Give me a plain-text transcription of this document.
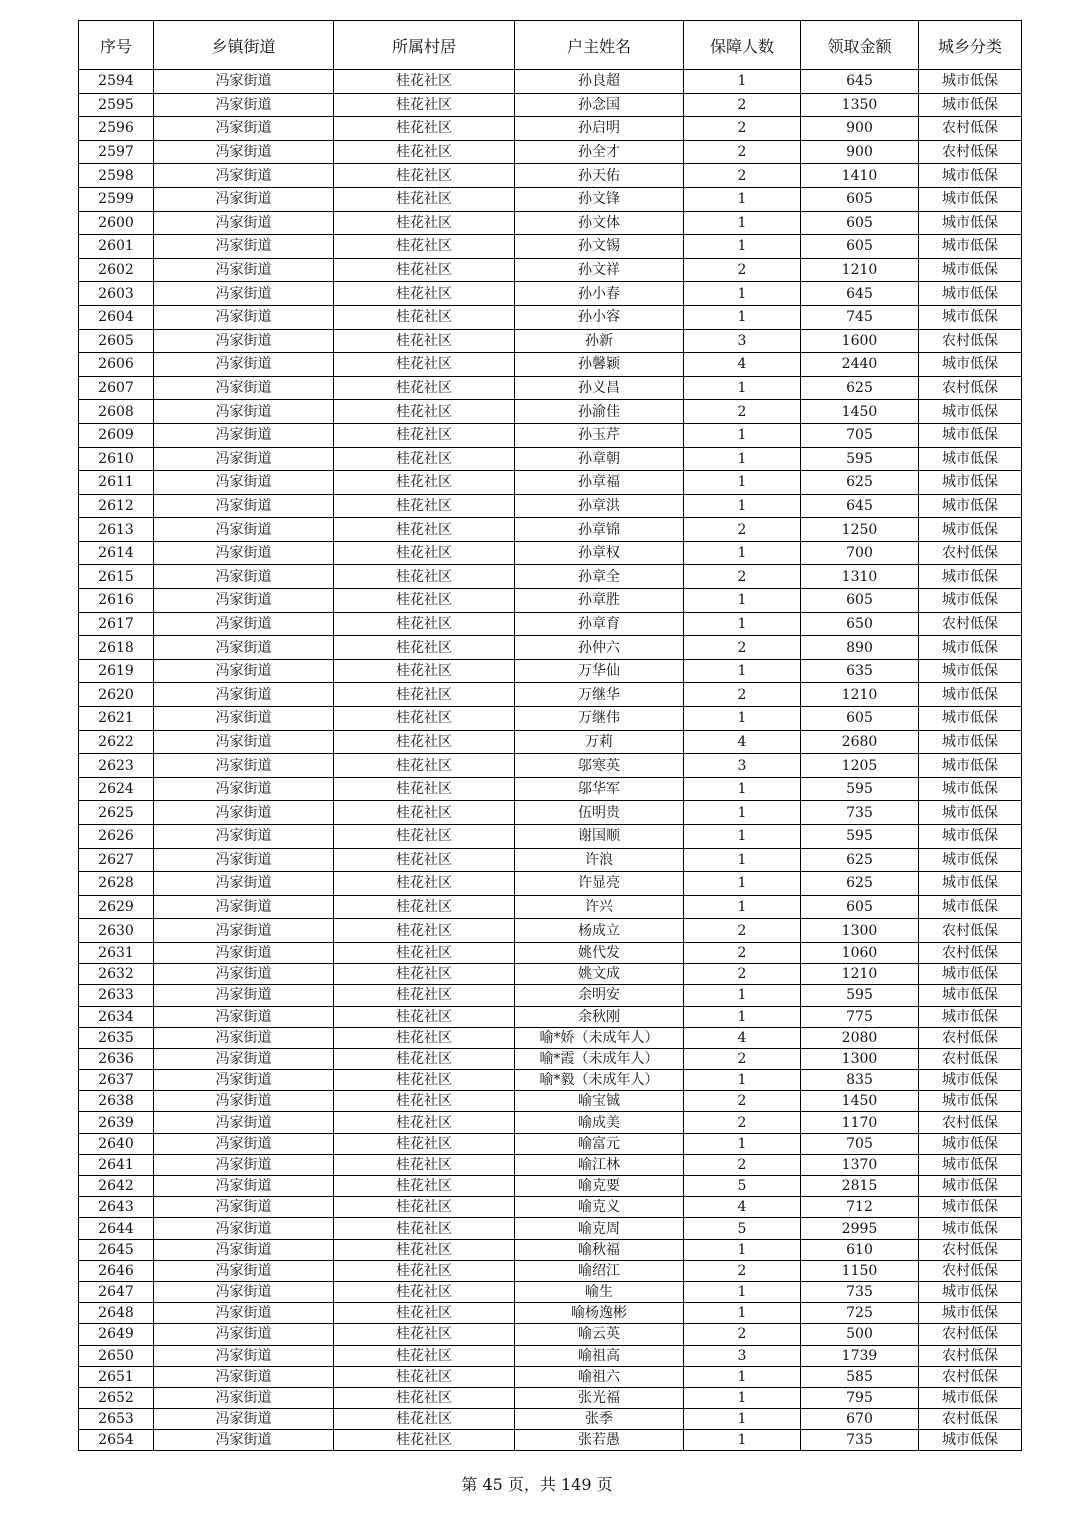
序号	乡镇街道	所属村居	户主姓名	保障人数	领取金额	城乡分类
2594	冯家街道	桂花社区	孙良超	1	645	城市低保
2595	冯家街道	桂花社区	孙念国	2	1350	城市低保
2596	冯家街道	桂花社区	孙启明	2	900	农村低保
2597	冯家街道	桂花社区	孙全才	2	900	农村低保
2598	冯家街道	桂花社区	孙天佑	2	1410	城市低保
2599	冯家街道	桂花社区	孙文锋	1	605	城市低保
2600	冯家街道	桂花社区	孙文体	1	605	城市低保
2601	冯家街道	桂花社区	孙文锡	1	605	城市低保
2602	冯家街道	桂花社区	孙文祥	2	1210	城市低保
2603	冯家街道	桂花社区	孙小春	1	645	城市低保
2604	冯家街道	桂花社区	孙小容	1	745	城市低保
2605	冯家街道	桂花社区	孙新	3	1600	农村低保
2606	冯家街道	桂花社区	孙馨颖	4	2440	城市低保
2607	冯家街道	桂花社区	孙义昌	1	625	农村低保
2608	冯家街道	桂花社区	孙渝佳	2	1450	城市低保
2609	冯家街道	桂花社区	孙玉芹	1	705	城市低保
2610	冯家街道	桂花社区	孙章朝	1	595	城市低保
2611	冯家街道	桂花社区	孙章福	1	625	城市低保
2612	冯家街道	桂花社区	孙章洪	1	645	城市低保
2613	冯家街道	桂花社区	孙章锦	2	1250	城市低保
2614	冯家街道	桂花社区	孙章权	1	700	农村低保
2615	冯家街道	桂花社区	孙章全	2	1310	城市低保
2616	冯家街道	桂花社区	孙章胜	1	605	城市低保
2617	冯家街道	桂花社区	孙章育	1	650	农村低保
2618	冯家街道	桂花社区	孙仲六	2	890	城市低保
2619	冯家街道	桂花社区	万华仙	1	635	城市低保
2620	冯家街道	桂花社区	万继华	2	1210	城市低保
2621	冯家街道	桂花社区	万继伟	1	605	城市低保
2622	冯家街道	桂花社区	万莉	4	2680	城市低保
2623	冯家街道	桂花社区	邬寒英	3	1205	城市低保
2624	冯家街道	桂花社区	邬华军	1	595	城市低保
2625	冯家街道	桂花社区	伍明贵	1	735	城市低保
2626	冯家街道	桂花社区	谢国顺	1	595	城市低保
2627	冯家街道	桂花社区	许浪	1	625	城市低保
2628	冯家街道	桂花社区	许显亮	1	625	城市低保
2629	冯家街道	桂花社区	许兴	1	605	城市低保
2630	冯家街道	桂花社区	杨成立	2	1300	农村低保
2631	冯家街道	桂花社区	姚代发	2	1060	农村低保
2632	冯家街道	桂花社区	姚文成	2	1210	城市低保
2633	冯家街道	桂花社区	余明安	1	595	城市低保
2634	冯家街道	桂花社区	余秋刚	1	775	城市低保
2635	冯家街道	桂花社区	喻*娇（未成年人）	4	2080	农村低保
2636	冯家街道	桂花社区	喻*霞（未成年人）	2	1300	农村低保
2637	冯家街道	桂花社区	喻*毅（未成年人）	1	835	城市低保
2638	冯家街道	桂花社区	喻宝铖	2	1450	城市低保
2639	冯家街道	桂花社区	喻成美	2	1170	农村低保
2640	冯家街道	桂花社区	喻富元	1	705	城市低保
2641	冯家街道	桂花社区	喻江林	2	1370	城市低保
2642	冯家街道	桂花社区	喻克要	5	2815	城市低保
2643	冯家街道	桂花社区	喻克义	4	712	城市低保
2644	冯家街道	桂花社区	喻克周	5	2995	城市低保
2645	冯家街道	桂花社区	喻秋福	1	610	农村低保
2646	冯家街道	桂花社区	喻绍江	2	1150	农村低保
2647	冯家街道	桂花社区	喻生	1	735	城市低保
2648	冯家街道	桂花社区	喻杨逸彬	1	725	城市低保
2649	冯家街道	桂花社区	喻云英	2	500	农村低保
2650	冯家街道	桂花社区	喻祖高	3	1739	农村低保
2651	冯家街道	桂花社区	喻祖六	1	585	农村低保
2652	冯家街道	桂花社区	张光福	1	795	城市低保
2653	冯家街道	桂花社区	张季	1	670	农村低保
2654	冯家街道	桂花社区	张若愚	1	735	城市低保
第 45 页，共 149 页
